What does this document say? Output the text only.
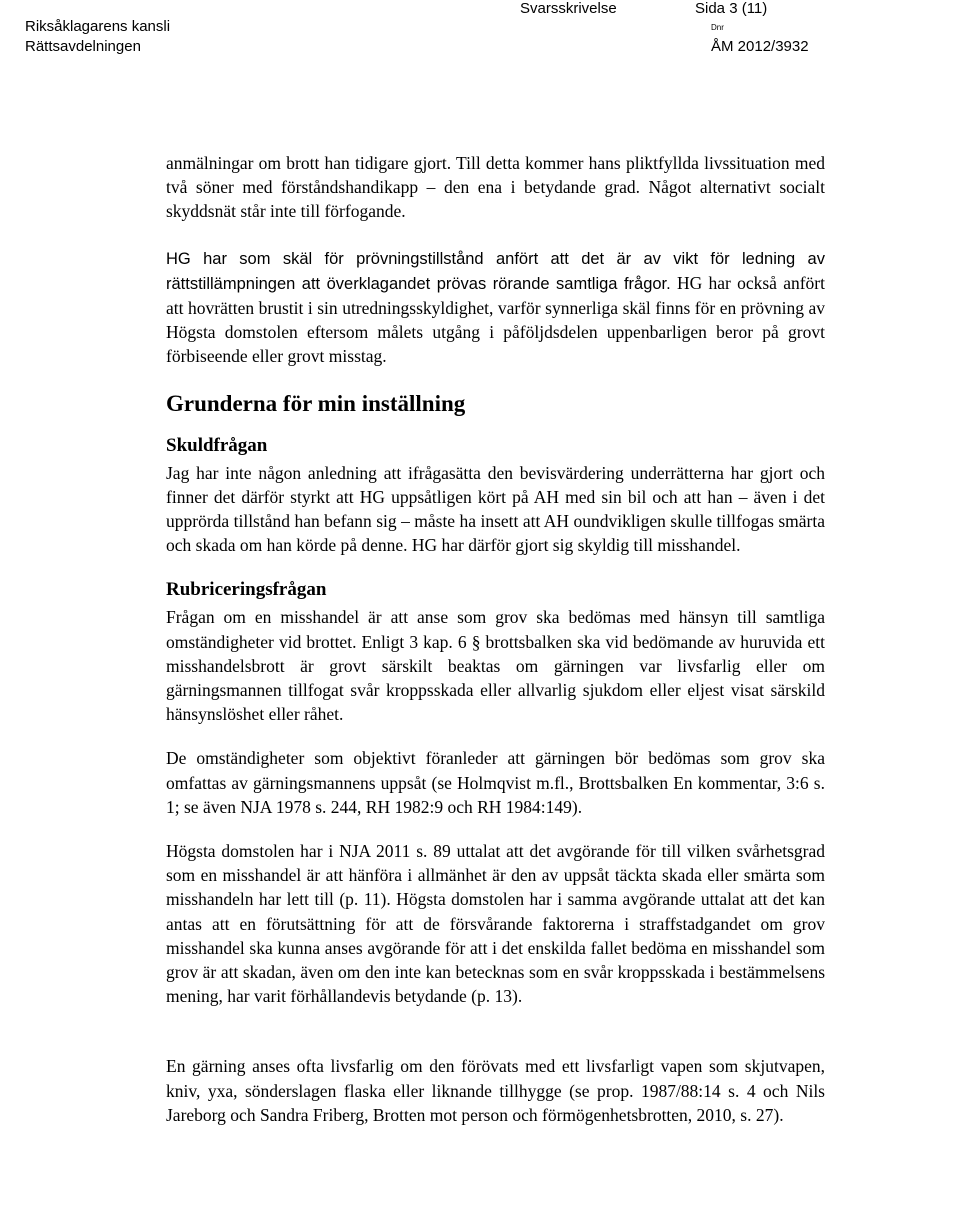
Riksåklagarens kansli
Rättsavdelningen
Svarsskrivelse	Sida 3 (11)
Dnr
ÅM 2012/3932

anmälningar om brott han tidigare gjort. Till detta kommer hans pliktfyllda livssituation med två söner med förståndshandikapp – den ena i betydande grad. Något alternativt socialt skyddsnät står inte till förfogande.

HG har som skäl för prövningstillstånd anfört att det är av vikt för ledning av rättstillämpningen att överklagandet prövas rörande samtliga frågor. HG har också anfört att hovrätten brustit i sin utredningsskyldighet, varför synnerliga skäl finns för en prövning av Högsta domstolen eftersom målets utgång i påföljdsdelen uppenbarligen beror på grovt förbiseende eller grovt misstag.

Grunderna för min inställning
Skuldfrågan

Jag har inte någon anledning att ifrågasätta den bevisvärdering underrätterna har gjort och finner det därför styrkt att HG uppsåtligen kört på AH med sin bil och att han – även i det upprörda tillstånd han befann sig – måste ha insett att AH oundvikligen skulle tillfogas smärta och skada om han körde på denne. HG har därför gjort sig skyldig till misshandel.

Rubriceringsfrågan

Frågan om en misshandel är att anse som grov ska bedömas med hänsyn till samtliga omständigheter vid brottet. Enligt 3 kap. 6 § brottsbalken ska vid bedömande av huruvida ett misshandelsbrott är grovt särskilt beaktas om gärningen var livsfarlig eller om gärningsmannen tillfogat svår kroppsskada eller allvarlig sjukdom eller eljest visat särskild hänsynslöshet eller råhet.

De omständigheter som objektivt föranleder att gärningen bör bedömas som grov ska omfattas av gärningsmannens uppsåt (se Holmqvist m.fl., Brottsbalken En kommentar, 3:6 s. 1; se även NJA 1978 s. 244, RH 1982:9 och RH 1984:149).

Högsta domstolen har i NJA 2011 s. 89 uttalat att det avgörande för till vilken svårhetsgrad som en misshandel är att hänföra i allmänhet är den av uppsåt täckta skada eller smärta som misshandeln har lett till (p. 11). Högsta domstolen har i samma avgörande uttalat att det kan antas att en förutsättning för att de försvårande faktorerna i straffstadgandet om grov misshandel ska kunna anses avgörande för att i det enskilda fallet bedöma en misshandel som grov är att skadan, även om den inte kan betecknas som en svår kroppsskada i bestämmelsens mening, har varit förhållandevis betydande (p. 13).

En gärning anses ofta livsfarlig om den förövats med ett livsfarligt vapen som skjutvapen, kniv, yxa, sönderslagen flaska eller liknande tillhygge (se prop. 1987/88:14 s. 4 och Nils Jareborg och Sandra Friberg, Brotten mot person och förmögenhetsbrotten, 2010, s. 27).
